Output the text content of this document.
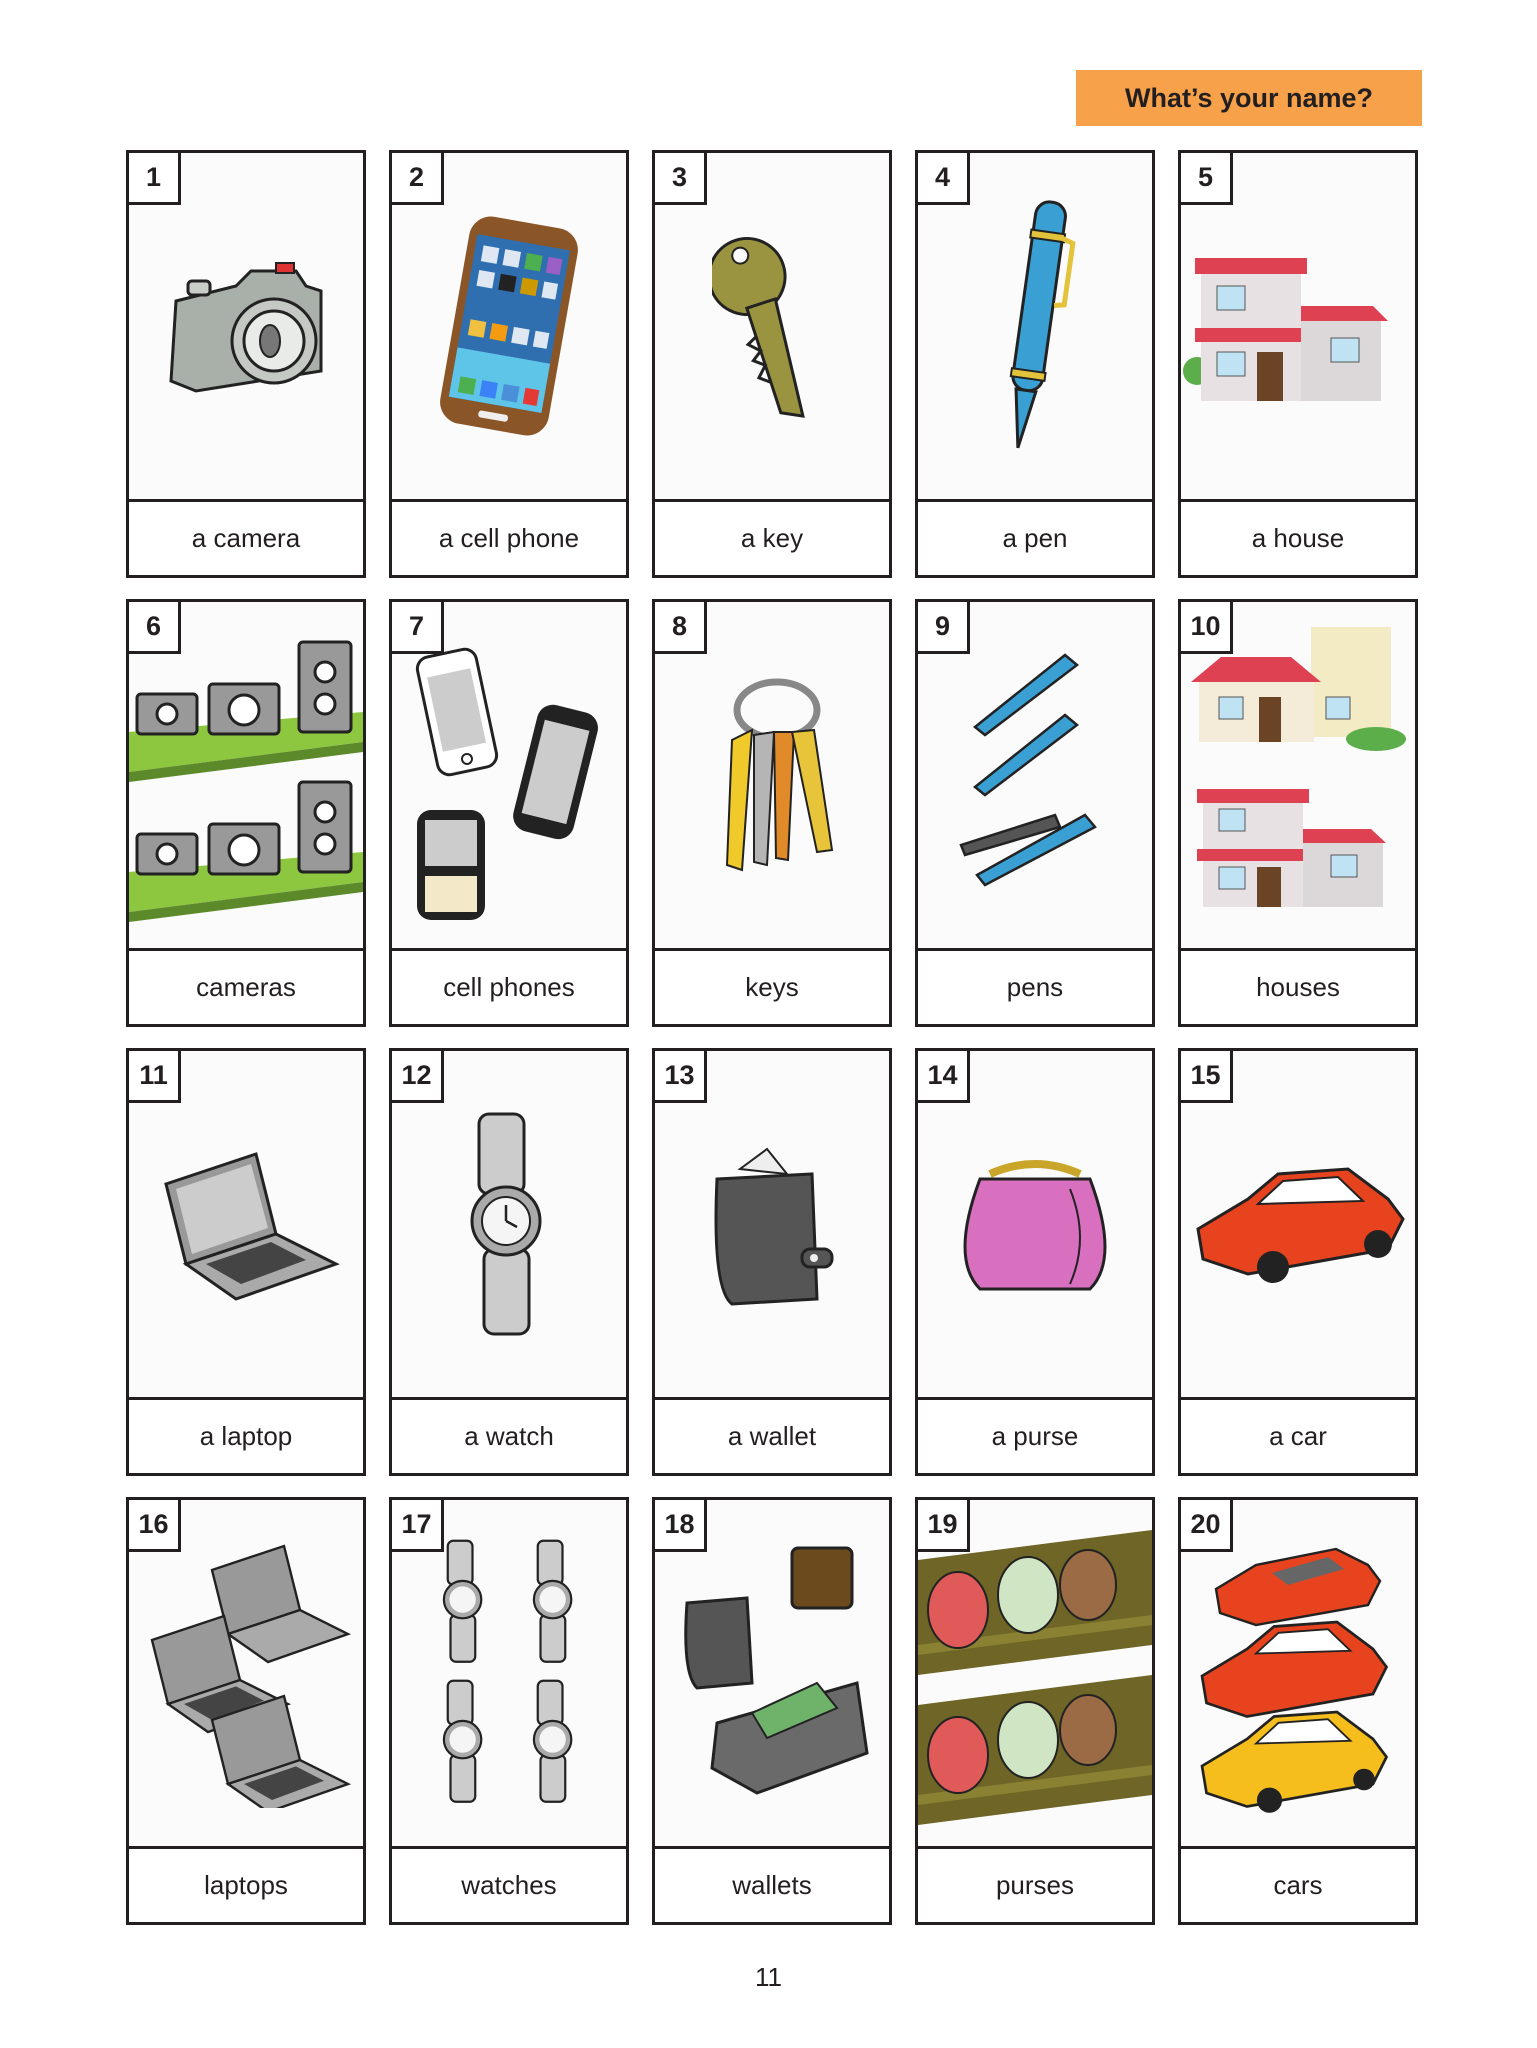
What’s your name?
1
a camera
2
a cell phone
3
a key
4
a pen
5
a house
6
cameras
7
cell phones
8
keys
9
pens
10
houses
11
a laptop
12
a watch
13
a wallet
14
a purse
15
a car
16
laptops
17
watches
18
wallets
19
purses
20
cars
11
